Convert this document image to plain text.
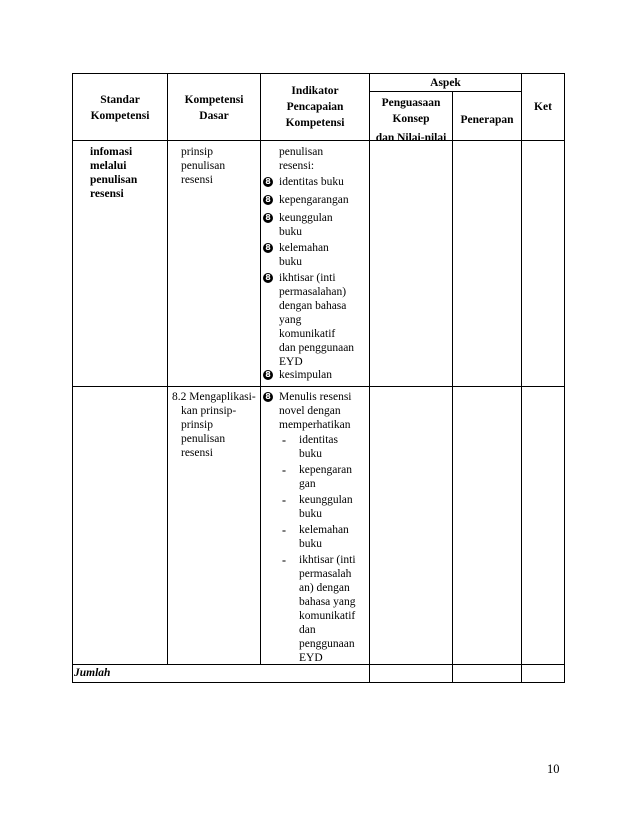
Standar
Kompetensi
Kompetensi
Dasar
Indikator
Pencapaian
Kompetensi
Aspek
Penguasaan
Konsep
dan Nilai-nilai
Penerapan
Ket
infomasi
melalui
penulisan
resensi
prinsip
penulisan
resensi
penulisan
resensi:
8 identitas buku
8 kepengarangan
8 keunggulan
buku
8 kelemahan
buku
8 ikhtisar (inti
permasalahan)
dengan bahasa
yang
komunikatif
dan penggunaan
EYD
8 kesimpulan
8.2 Mengaplikasi-
kan prinsip-
prinsip
penulisan
resensi
8 Menulis resensi
novel dengan
memperhatikan
- identitas
buku
- kepengaran
gan
- keunggulan
buku
- kelemahan
buku
- ikhtisar (inti
permasalah
an) dengan
bahasa yang
komunikatif
dan
penggunaan
EYD
Jumlah
10
